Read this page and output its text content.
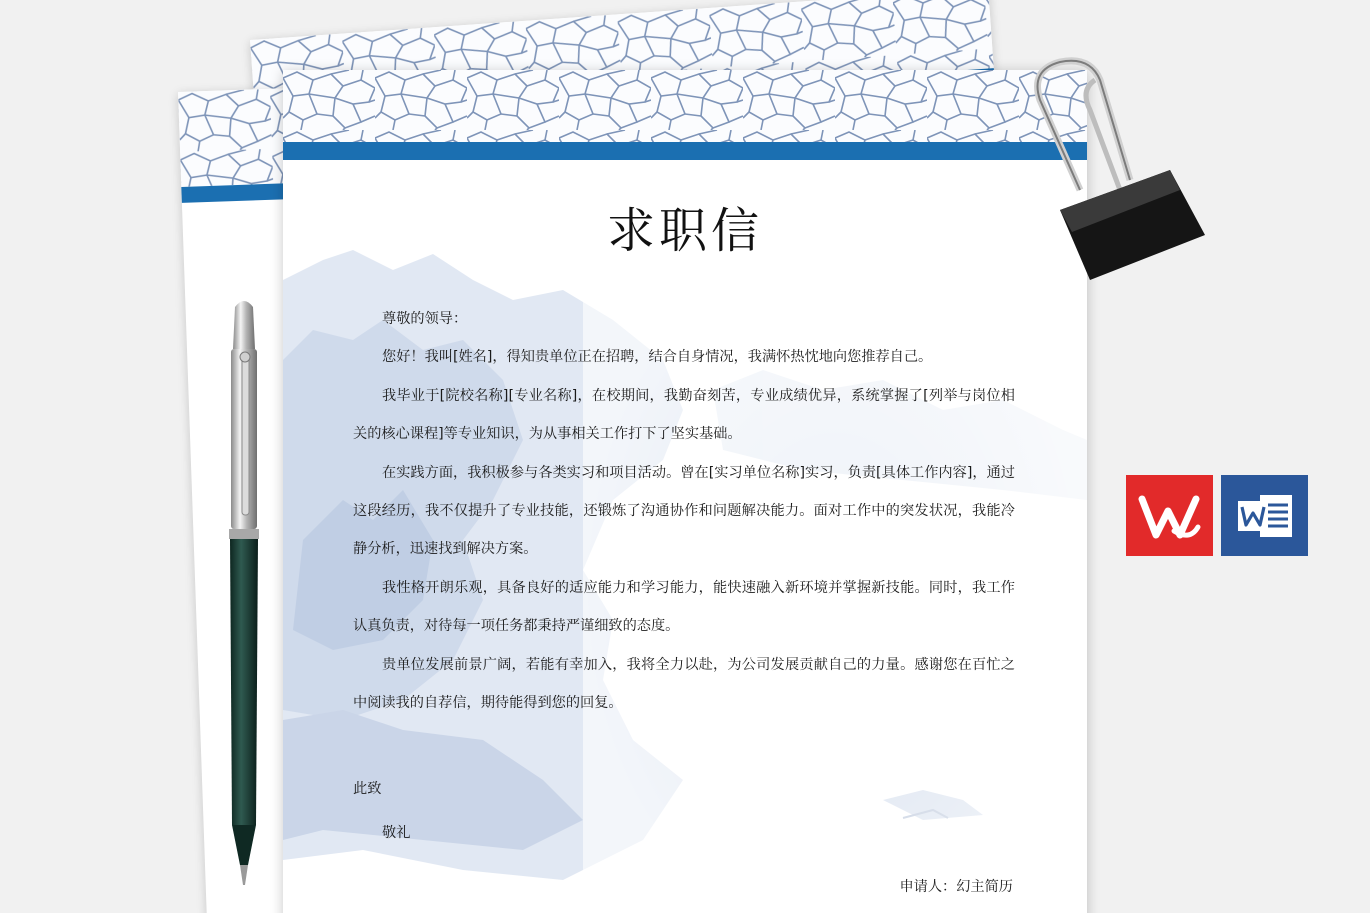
求职信

尊敬的领导：

您好！我叫[姓名]，得知贵单位正在招聘，结合自身情况，我满怀热忱地向您推荐自己。

我毕业于[院校名称][专业名称]，在校期间，我勤奋刻苦，专业成绩优异，系统掌握了[列举与岗位相关的核心课程]等专业知识，为从事相关工作打下了坚实基础。

在实践方面，我积极参与各类实习和项目活动。曾在[实习单位名称]实习，负责[具体工作内容]，通过这段经历，我不仅提升了专业技能，还锻炼了沟通协作和问题解决能力。面对工作中的突发状况，我能冷静分析，迅速找到解决方案。

我性格开朗乐观，具备良好的适应能力和学习能力，能快速融入新环境并掌握新技能。同时，我工作认真负责，对待每一项任务都秉持严谨细致的态度。

贵单位发展前景广阔，若能有幸加入，我将全力以赴，为公司发展贡献自己的力量。感谢您在百忙之中阅读我的自荐信，期待能得到您的回复。

此致
敬礼
申请人：幻主简历
